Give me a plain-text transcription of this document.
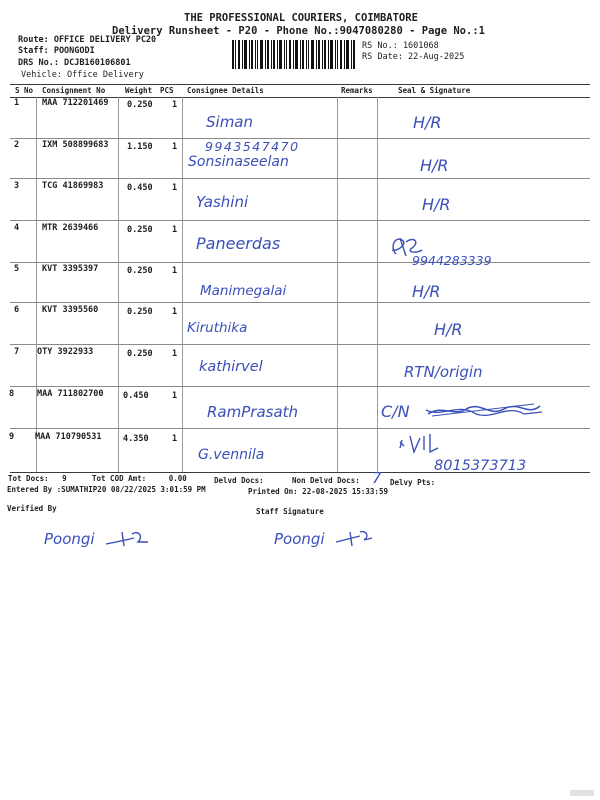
THE PROFESSIONAL COURIERS, COIMBATORE
Delivery Runsheet - P20 - Phone No.:9047080280 - Page No.:1
Route: OFFICE DELIVERY PC20
Staff: POONGODI
DRS No.: DCJB160106801
Vehicle: Office Delivery
RS No.: 1601068
RS Date: 22-Aug-2025
S No Consignment No	Weight PCS Consignee Details	Remarks	Seal & Signature
1	MAA 712201469 0.250 1
Siman	H/R
2	IXM 508899683 1.150 1 9943547470
Sonsinaseelan	H/R
3	TCG 41869983	0.450 1
Yashini	H/R
4	MTR 2639466	0.250 1
Paneerdas
9944283339
5	KVT 3395397	0.250 1
Manimegalai	H/R
6	KVT 3395560	0.250 1
Kiruthika	H/R
7 OTY 3922933	0.250 1
kathirvel	RTN/origin
8	MAA 711802700 0.450	1
RamPrasath	C/N
9 MAA 710790531	4.350	1
G.vennila
8015373713
Tot Docs:   9	Tot COD Amt:     0.00	Delvd Docs:	Non Delvd Docs: 7 Delvy Pts:
Entered By :SUMATHIP20 08/22/2025 3:01:59 PM	Printed On: 22-08-2025 15:33:59
Verified By	Staff Signature
Poongi	Poongi
